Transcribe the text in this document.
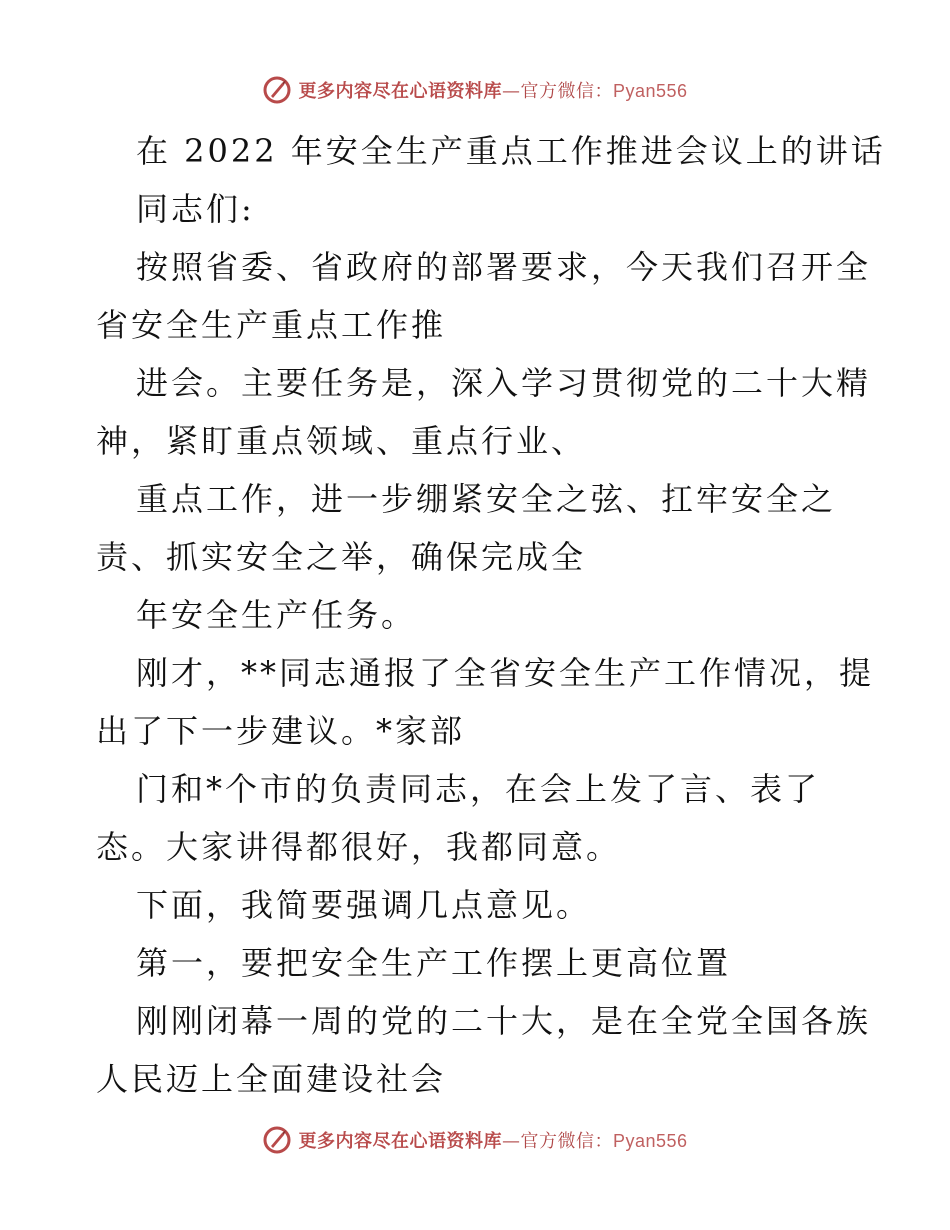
更多内容尽在心语资料库—官方微信：Pyan556
在 2022 年安全生产重点工作推进会议上的讲话
同志们:
按照省委、省政府的部署要求，今天我们召开全
省安全生产重点工作推
进会。主要任务是，深入学习贯彻党的二十大精
神，紧盯重点领域、重点行业、
重点工作，进一步绷紧安全之弦、扛牢安全之
责、抓实安全之举，确保完成全
年安全生产任务。
刚才，**同志通报了全省安全生产工作情况，提
出了下一步建议。*家部
门和*个市的负责同志，在会上发了言、表了
态。大家讲得都很好，我都同意。
下面，我简要强调几点意见。
第一，要把安全生产工作摆上更高位置
刚刚闭幕一周的党的二十大，是在全党全国各族
人民迈上全面建设社会
更多内容尽在心语资料库—官方微信：Pyan556
